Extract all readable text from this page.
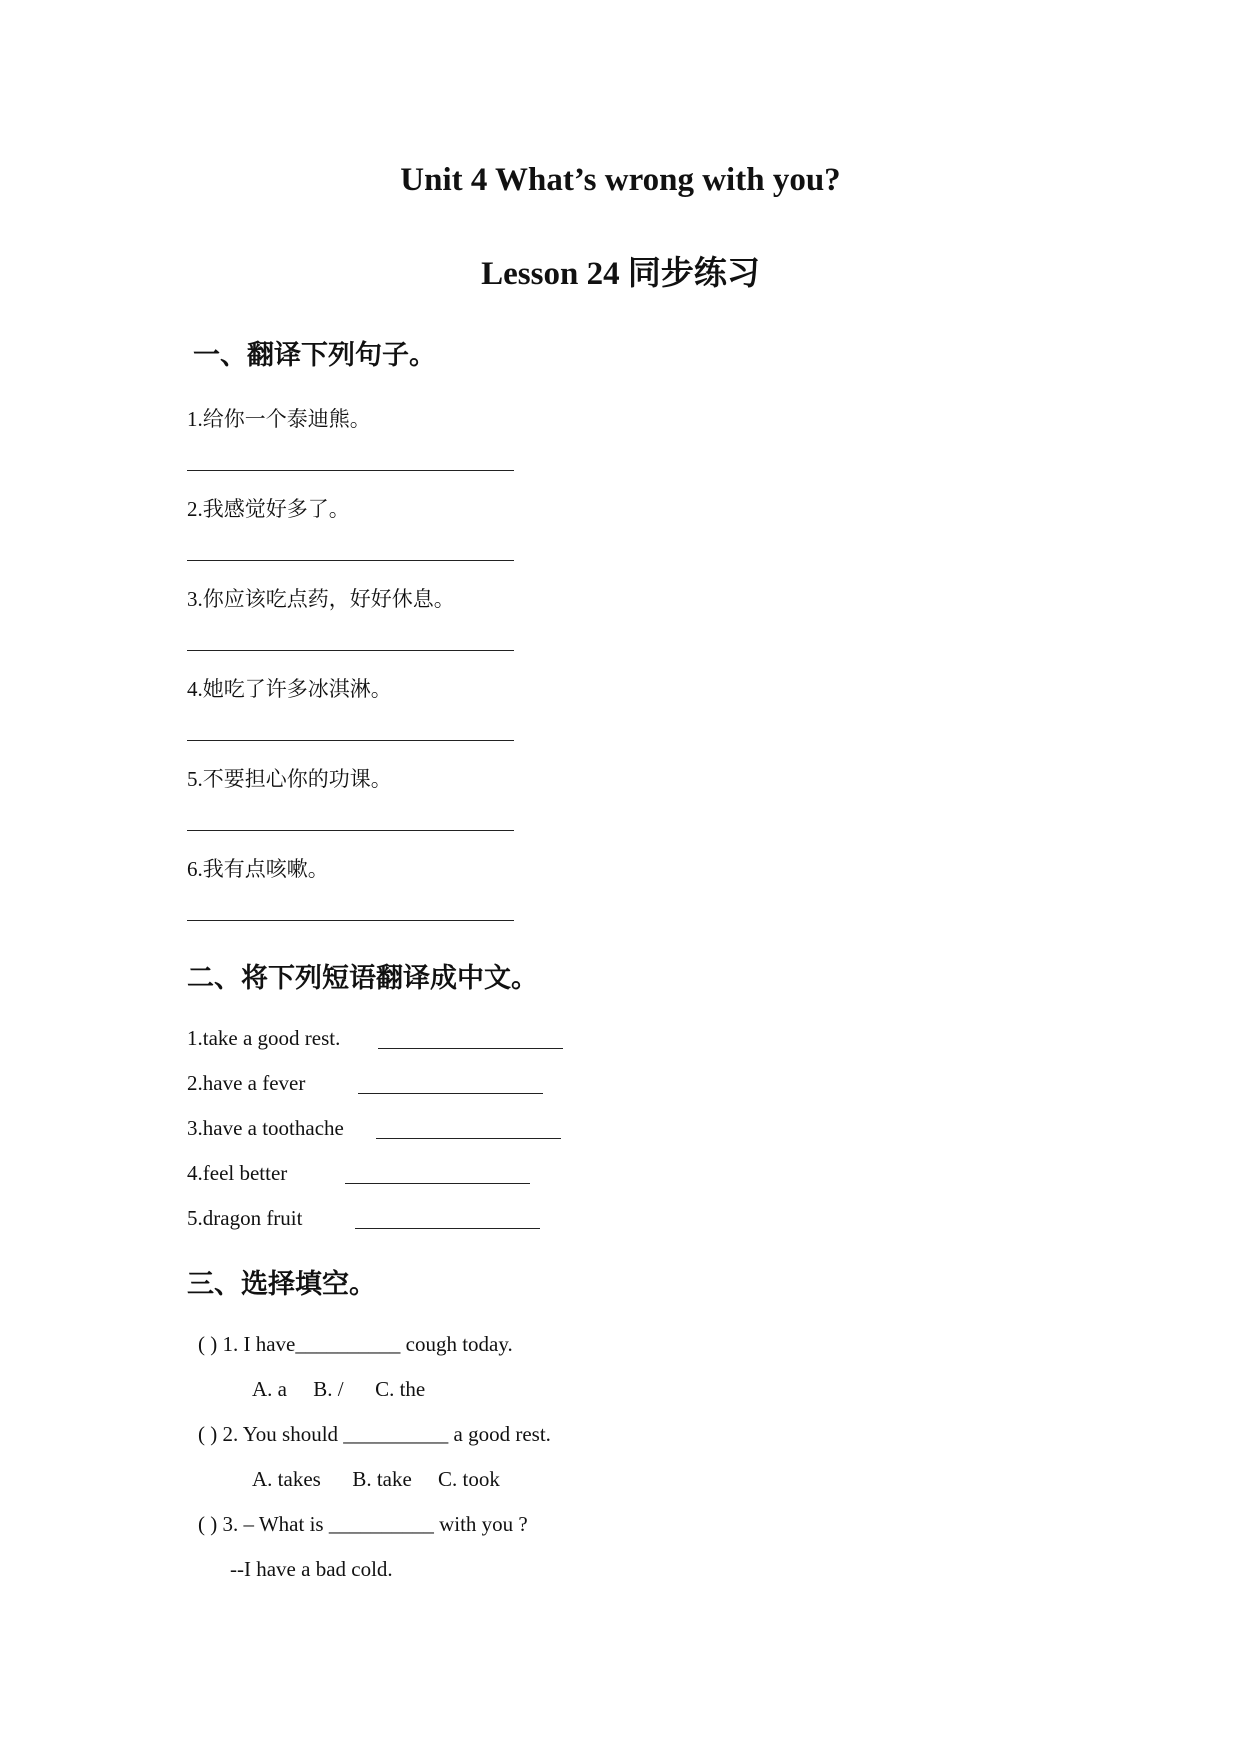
Unit 4 What’s wrong with you?
Lesson 24 同步练习
一、翻译下列句子。
1.给你一个泰迪熊。
2.我感觉好多了。
3.你应该吃点药，好好休息。
4.她吃了许多冰淇淋。
5.不要担心你的功课。
6.我有点咳嗽。
二、将下列短语翻译成中文。
1.take a good rest.
2.have a fever
3.have a toothache
4.feel better
5.dragon fruit
三、选择填空。
( ) 1. I have__________ cough today.
A. a     B. /      C. the
( ) 2. You should __________ a good rest.
A. takes      B. take     C. took
( ) 3. – What is __________ with you ?
--I have a bad cold.
